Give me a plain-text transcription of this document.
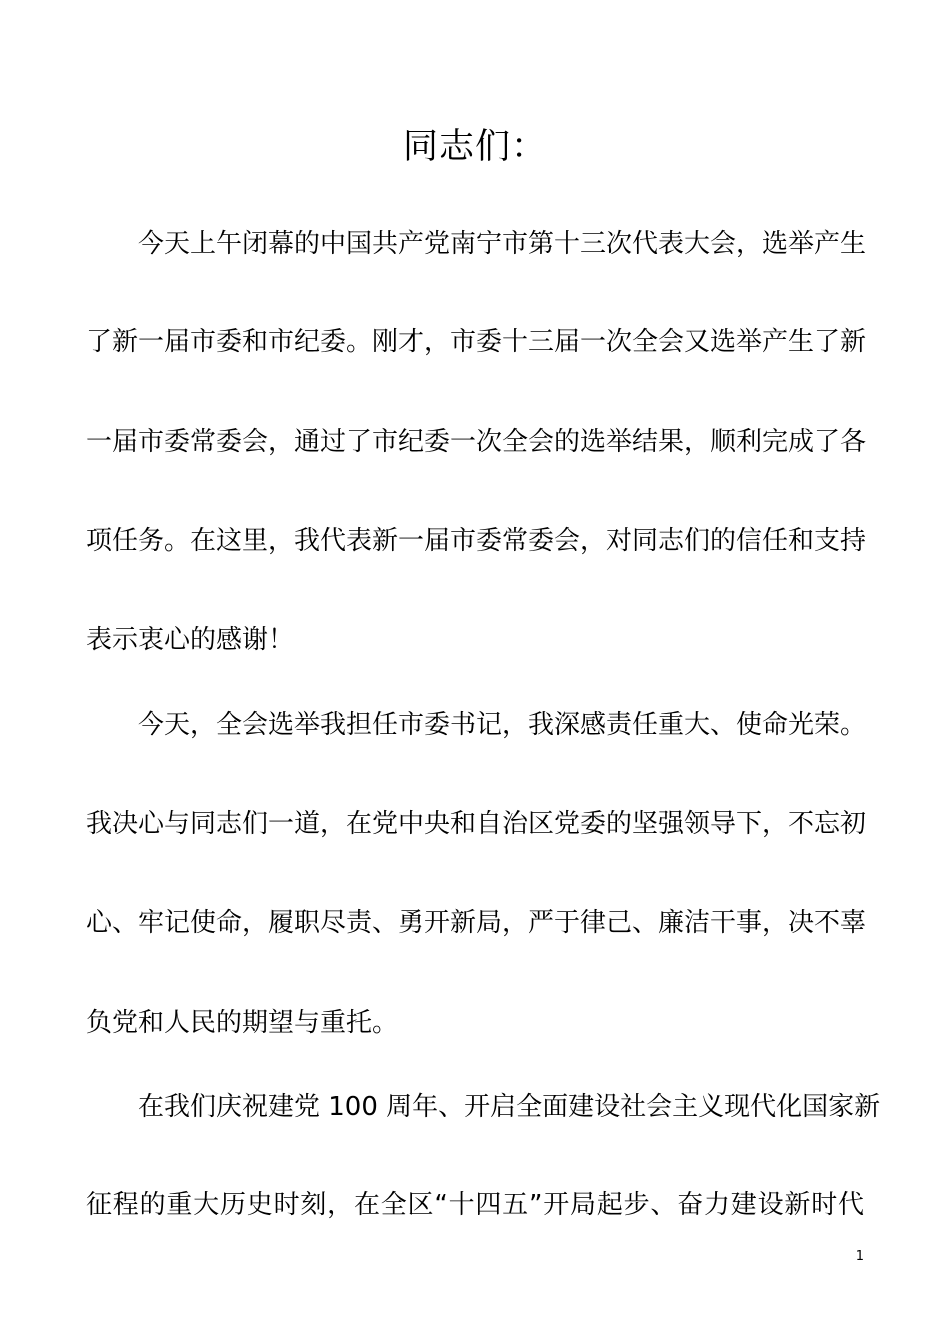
同志们：
今天上午闭幕的中国共产党南宁市第十三次代表大会，选举产生
了新一届市委和市纪委。刚才，市委十三届一次全会又选举产生了新
一届市委常委会，通过了市纪委一次全会的选举结果，顺利完成了各
项任务。在这里，我代表新一届市委常委会，对同志们的信任和支持
表示衷心的感谢！
今天，全会选举我担任市委书记，我深感责任重大、使命光荣。
我决心与同志们一道，在党中央和自治区党委的坚强领导下，不忘初
心、牢记使命，履职尽责、勇开新局，严于律己、廉洁干事，决不辜
负党和人民的期望与重托。
在我们庆祝建党 100 周年、开启全面建设社会主义现代化国家新
征程的重大历史时刻，在全区“十四五”开局起步、奋力建设新时代
1
